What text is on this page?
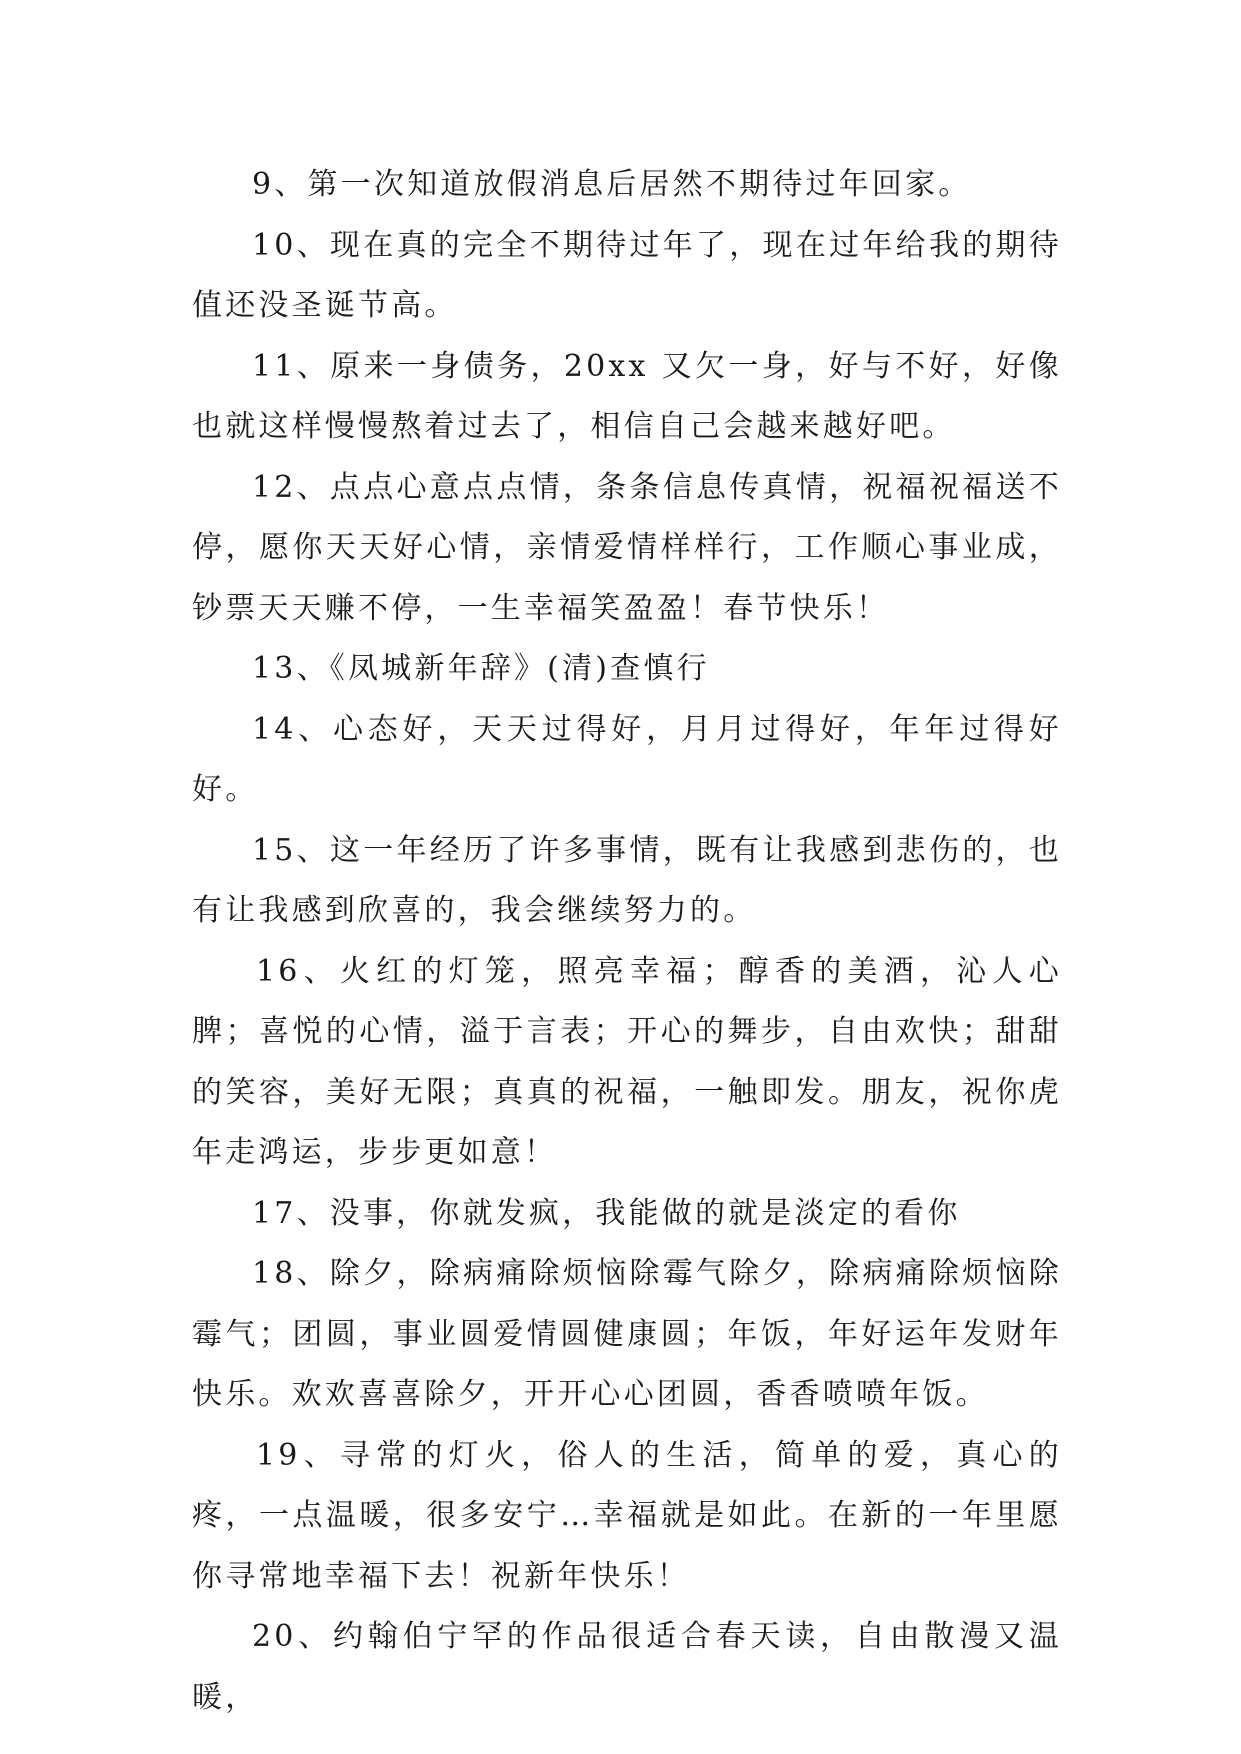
9、第一次知道放假消息后居然不期待过年回家。

10、现在真的完全不期待过年了，现在过年给我的期待值还没圣诞节高。

11、原来一身债务，20xx 又欠一身，好与不好，好像也就这样慢慢熬着过去了，相信自己会越来越好吧。

12、点点心意点点情，条条信息传真情，祝福祝福送不停，愿你天天好心情，亲情爱情样样行，工作顺心事业成，钞票天天赚不停，一生幸福笑盈盈！春节快乐！

13、《凤城新年辞》(清)查慎行

14、心态好，天天过得好，月月过得好，年年过得好好。

15、这一年经历了许多事情，既有让我感到悲伤的，也有让我感到欣喜的，我会继续努力的。

16、火红的灯笼，照亮幸福；醇香的美酒，沁人心脾；喜悦的心情，溢于言表；开心的舞步，自由欢快；甜甜的笑容，美好无限；真真的祝福，一触即发。朋友，祝你虎年走鸿运，步步更如意！

17、没事，你就发疯，我能做的就是淡定的看你

18、除夕，除病痛除烦恼除霉气除夕，除病痛除烦恼除霉气；团圆，事业圆爱情圆健康圆；年饭，年好运年发财年快乐。欢欢喜喜除夕，开开心心团圆，香香喷喷年饭。

19、寻常的灯火，俗人的生活，简单的爱，真心的疼，一点温暖，很多安宁…幸福就是如此。在新的一年里愿你寻常地幸福下去！祝新年快乐！

20、约翰伯宁罕的作品很适合春天读，自由散漫又温暖，
